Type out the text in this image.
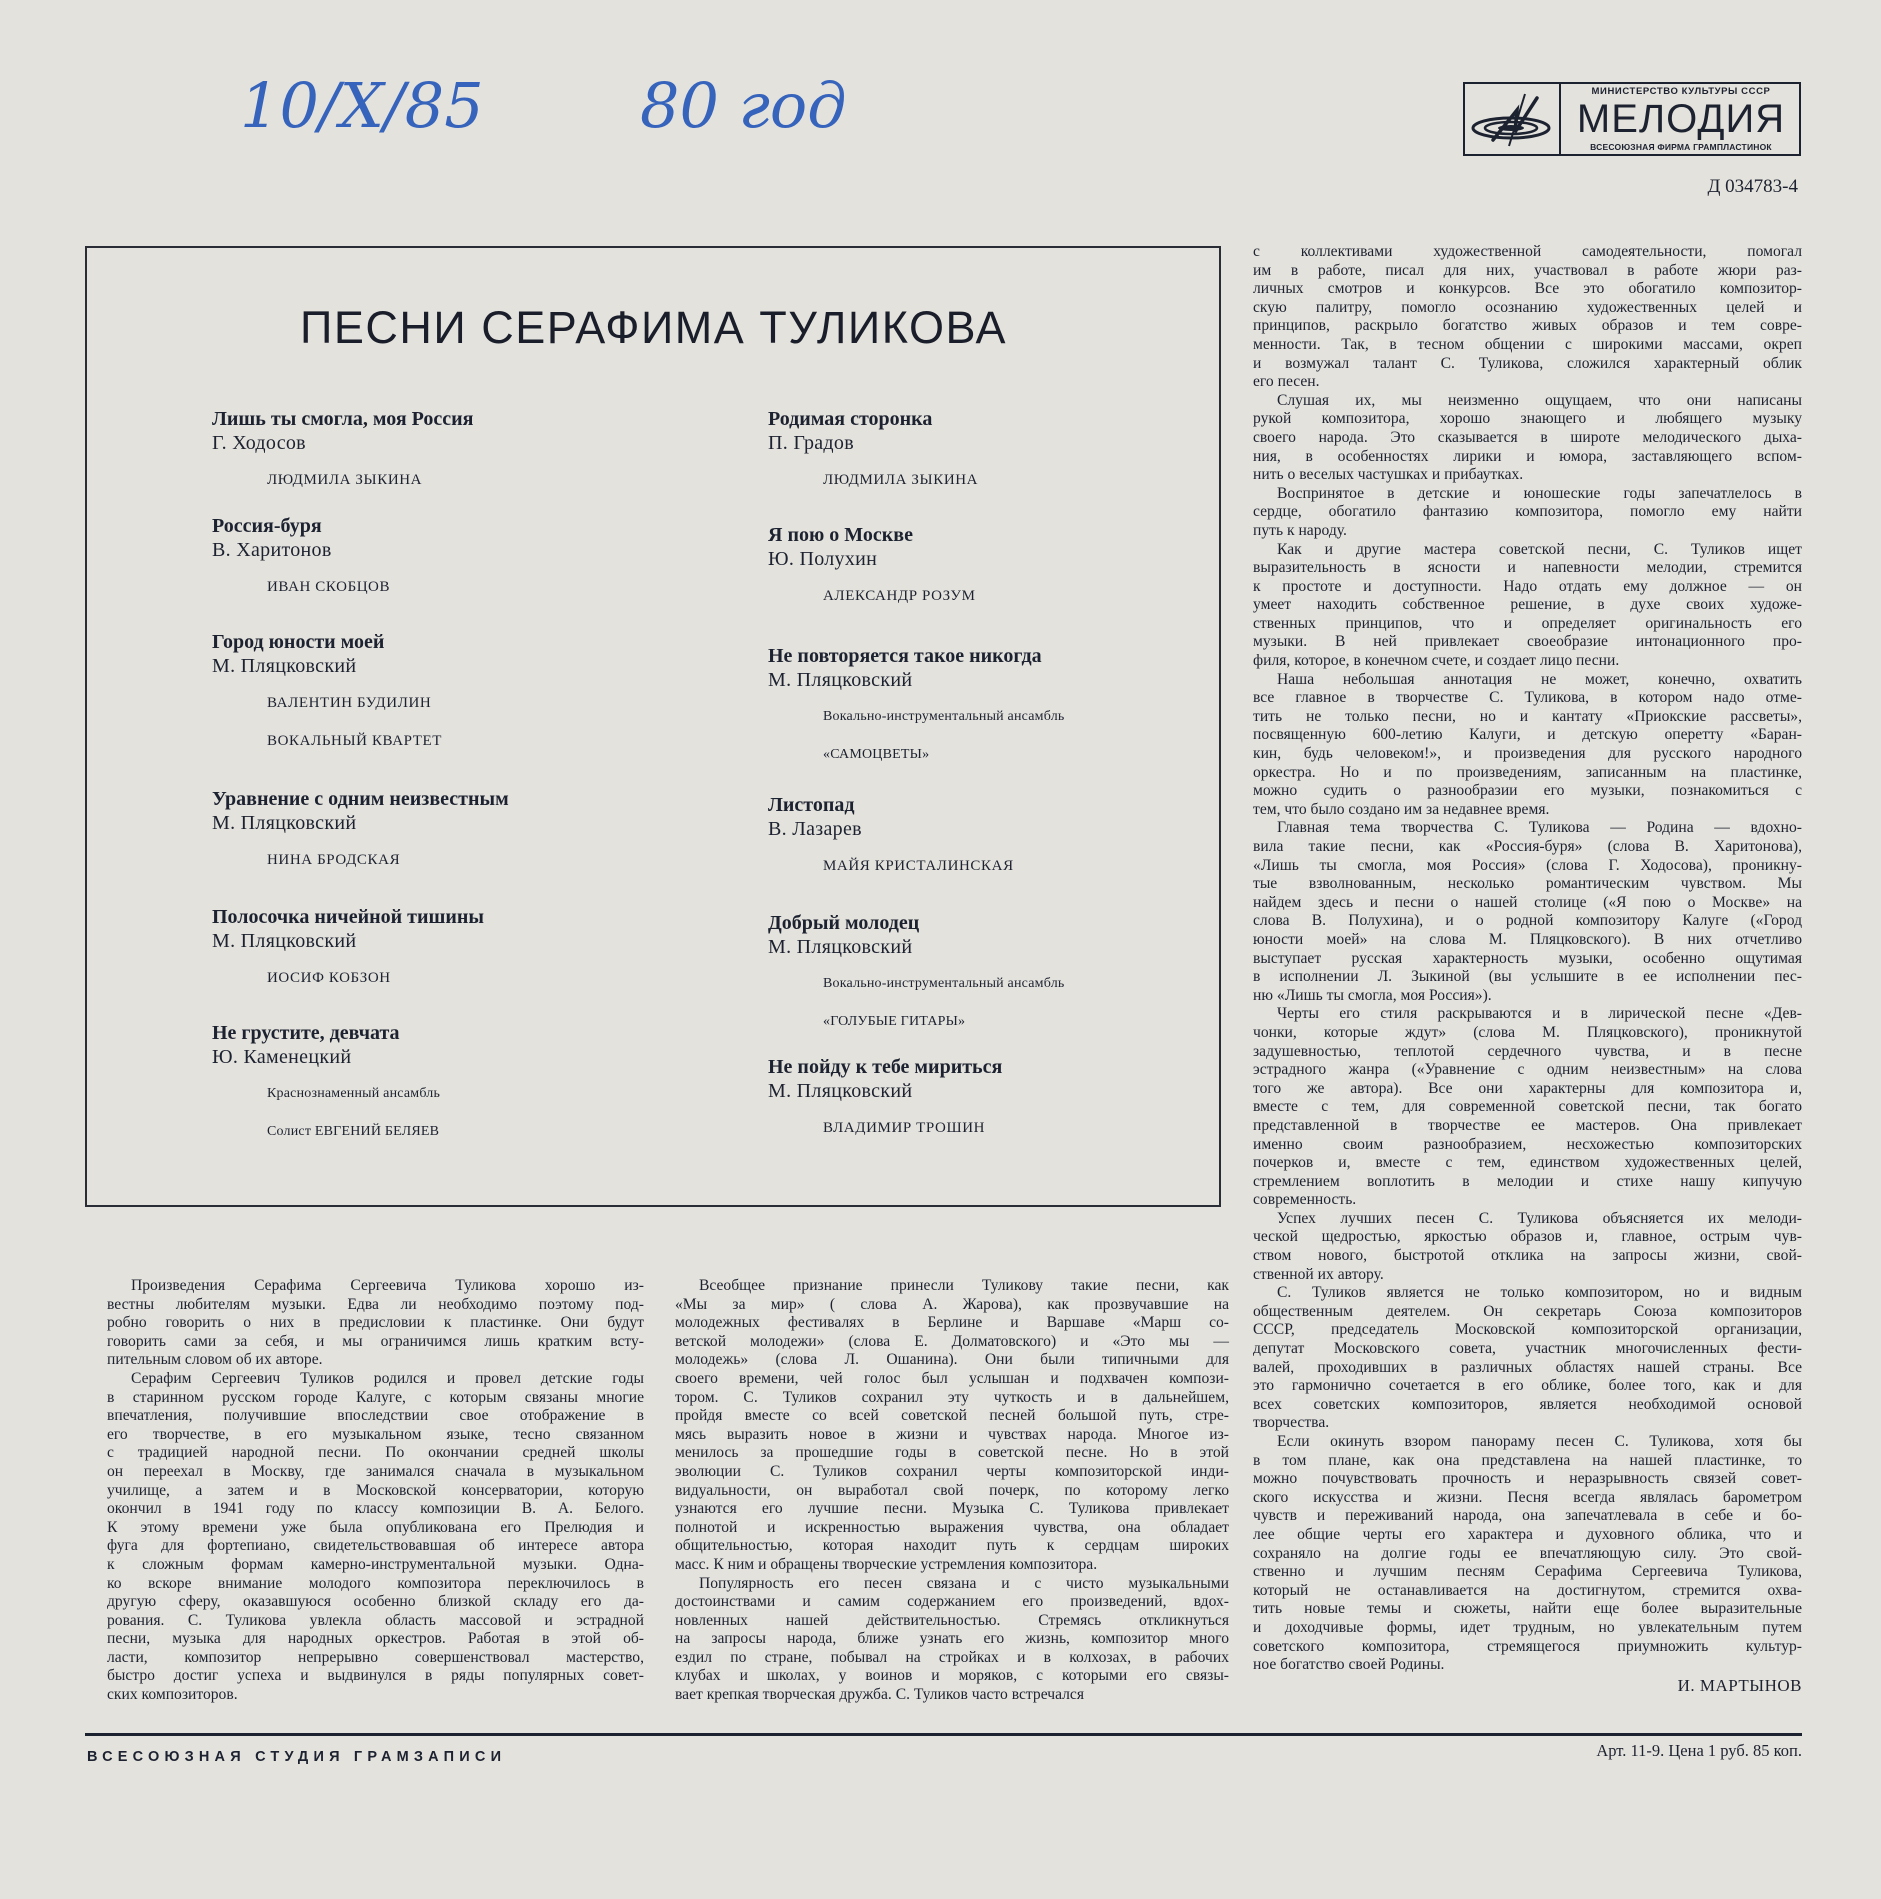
МИНИСТЕРСТВО КУЛЬТУРЫ СССР
МЕЛОДИЯ
ВСЕСОЮЗНАЯ ФИРМА ГРАМПЛАСТИНОК
Д 034783-4
10/X/85	80 год
ПЕСНИ СЕРАФИМА ТУЛИКОВА
Лишь ты смогла, моя Россия
Г. Ходосов
ЛЮДМИЛА ЗЫКИНА
Россия-буря
В. Харитонов
ИВАН СКОБЦОВ
Город юности моей
М. Пляцковский
ВАЛЕНТИН БУДИЛИН
ВОКАЛЬНЫЙ КВАРТЕТ
Уравнение с одним неизвестным
М. Пляцковский
НИНА БРОДСКАЯ
Полосочка ничейной тишины
М. Пляцковский
ИОСИФ КОБЗОН
Не грустите, девчата
Ю. Каменецкий
Краснознаменный ансамбль
Солист ЕВГЕНИЙ БЕЛЯЕВ
Родимая сторонка
П. Градов
ЛЮДМИЛА ЗЫКИНА
Я пою о Москве
Ю. Полухин
АЛЕКСАНДР РОЗУМ
Не повторяется такое никогда
М. Пляцковский
Вокально-инструментальный ансамбль
«САМОЦВЕТЫ»
Листопад
В. Лазарев
МАЙЯ КРИСТАЛИНСКАЯ
Добрый молодец
М. Пляцковский
Вокально-инструментальный ансамбль
«ГОЛУБЫЕ ГИТАРЫ»
Не пойду к тебе мириться
М. Пляцковский
ВЛАДИМИР ТРОШИН
Произведения Серафима Сергеевича Туликова хорошо из-
вестны любителям музыки. Едва ли необходимо поэтому под-
робно говорить о них в предисловии к пластинке. Они будут
говорить сами за себя, и мы ограничимся лишь кратким всту-
пительным словом об их авторе.
Серафим Сергеевич Туликов родился и провел детские годы
в старинном русском городе Калуге, с которым связаны многие
впечатления, получившие впоследствии свое отображение в
его творчестве, в его музыкальном языке, тесно связанном
с традицией народной песни. По окончании средней школы
он переехал в Москву, где занимался сначала в музыкальном
училище, а затем и в Московской консерватории, которую
окончил в 1941 году по классу композиции В. А. Белого.
К этому времени уже была опубликована его Прелюдия и
фуга для фортепиано, свидетельствовавшая об интересе автора
к сложным формам камерно-инструментальной музыки. Одна-
ко вскоре внимание молодого композитора переключилось в
другую сферу, оказавшуюся особенно близкой складу его да-
рования. С. Туликова увлекла область массовой и эстрадной
песни, музыка для народных оркестров. Работая в этой об-
ласти, композитор непрерывно совершенствовал мастерство,
быстро достиг успеха и выдвинулся в ряды популярных совет-
ских композиторов.
Всеобщее признание принесли Туликову такие песни, как
«Мы за мир» ( слова А. Жарова), как прозвучавшие на
молодежных фестивалях в Берлине и Варшаве «Марш со-
ветской молодежи» (слова Е. Долматовского) и «Это мы —
молодежь» (слова Л. Ошанина). Они были типичными для
своего времени, чей голос был услышан и подхвачен компози-
тором. С. Туликов сохранил эту чуткость и в дальнейшем,
пройдя вместе со всей советской песней большой путь, стре-
мясь выразить новое в жизни и чувствах народа. Многое из-
менилось за прошедшие годы в советской песне. Но в этой
эволюции С. Туликов сохранил черты композиторской инди-
видуальности, он выработал свой почерк, по которому легко
узнаются его лучшие песни. Музыка С. Туликова привлекает
полнотой и искренностью выражения чувства, она обладает
общительностью, которая находит путь к сердцам широких
масс. К ним и обращены творческие устремления композитора.
Популярность его песен связана и с чисто музыкальными
достоинствами и самим содержанием его произведений, вдох-
новленных нашей действительностью. Стремясь откликнуться
на запросы народа, ближе узнать его жизнь, композитор много
ездил по стране, побывал на стройках и в колхозах, в рабочих
клубах и школах, у воинов и моряков, с которыми его связы-
вает крепкая творческая дружба. С. Туликов часто встречался
с коллективами художественной самодеятельности, помогал
им в работе, писал для них, участвовал в работе жюри раз-
личных смотров и конкурсов. Все это обогатило композитор-
скую палитру, помогло осознанию художественных целей и
принципов, раскрыло богатство живых образов и тем совре-
менности. Так, в тесном общении с широкими массами, окреп
и возмужал талант С. Туликова, сложился характерный облик
его песен.
Слушая их, мы неизменно ощущаем, что они написаны
рукой композитора, хорошо знающего и любящего музыку
своего народа. Это сказывается в широте мелодического дыха-
ния, в особенностях лирики и юмора, заставляющего вспом-
нить о веселых частушках и прибаутках.
Воспринятое в детские и юношеские годы запечатлелось в
сердце, обогатило фантазию композитора, помогло ему найти
путь к народу.
Как и другие мастера советской песни, С. Туликов ищет
выразительность в ясности и напевности мелодии, стремится
к простоте и доступности. Надо отдать ему должное — он
умеет находить собственное решение, в духе своих художе-
ственных принципов, что и определяет оригинальность его
музыки. В ней привлекает своеобразие интонационного про-
филя, которое, в конечном счете, и создает лицо песни.
Наша небольшая аннотация не может, конечно, охватить
все главное в творчестве С. Туликова, в котором надо отме-
тить не только песни, но и кантату «Приокские рассветы»,
посвященную 600-летию Калуги, и детскую оперетту «Баран-
кин, будь человеком!», и произведения для русского народного
оркестра. Но и по произведениям, записанным на пластинке,
можно судить о разнообразии его музыки, познакомиться с
тем, что было создано им за недавнее время.
Главная тема творчества С. Туликова — Родина — вдохно-
вила такие песни, как «Россия-буря» (слова В. Харитонова),
«Лишь ты смогла, моя Россия» (слова Г. Ходосова), проникну-
тые взволнованным, несколько романтическим чувством. Мы
найдем здесь и песни о нашей столице («Я пою о Москве» на
слова В. Полухина), и о родной композитору Калуге («Город
юности моей» на слова М. Пляцковского). В них отчетливо
выступает русская характерность музыки, особенно ощутимая
в исполнении Л. Зыкиной (вы услышите в ее исполнении пес-
ню «Лишь ты смогла, моя Россия»).
Черты его стиля раскрываются и в лирической песне «Дев-
чонки, которые ждут» (слова М. Пляцковского), проникнутой
задушевностью, теплотой сердечного чувства, и в песне
эстрадного жанра («Уравнение с одним неизвестным» на слова
того же автора). Все они характерны для композитора и,
вместе с тем, для современной советской песни, так богато
представленной в творчестве ее мастеров. Она привлекает
именно своим разнообразием, несхожестью композиторских
почерков и, вместе с тем, единством художественных целей,
стремлением воплотить в мелодии и стихе нашу кипучую
современность.
Успех лучших песен С. Туликова объясняется их мелоди-
ческой щедростью, яркостью образов и, главное, острым чув-
ством нового, быстротой отклика на запросы жизни, свой-
ственной их автору.
С. Туликов является не только композитором, но и видным
общественным деятелем. Он секретарь Союза композиторов
СССР, председатель Московской композиторской организации,
депутат Московского совета, участник многочисленных фести-
валей, проходивших в различных областях нашей страны. Все
это гармонично сочетается в его облике, более того, как и для
всех советских композиторов, является необходимой основой
творчества.
Если окинуть взором панораму песен С. Туликова, хотя бы
в том плане, как она представлена на нашей пластинке, то
можно почувствовать прочность и неразрывность связей совет-
ского искусства и жизни. Песня всегда являлась барометром
чувств и переживаний народа, она запечатлевала в себе и бо-
лее общие черты его характера и духовного облика, что и
сохраняло на долгие годы ее впечатляющую силу. Это свой-
ственно и лучшим песням Серафима Сергеевича Туликова,
который не останавливается на достигнутом, стремится охва-
тить новые темы и сюжеты, найти еще более выразительные
и доходчивые формы, идет трудным, но увлекательным путем
советского композитора, стремящегося приумножить культур-
ное богатство своей Родины.
И. МАРТЫНОВ
ВСЕСОЮЗНАЯ СТУДИЯ ГРАМЗАПИСИ	Арт. 11-9. Цена 1 руб. 85 коп.
